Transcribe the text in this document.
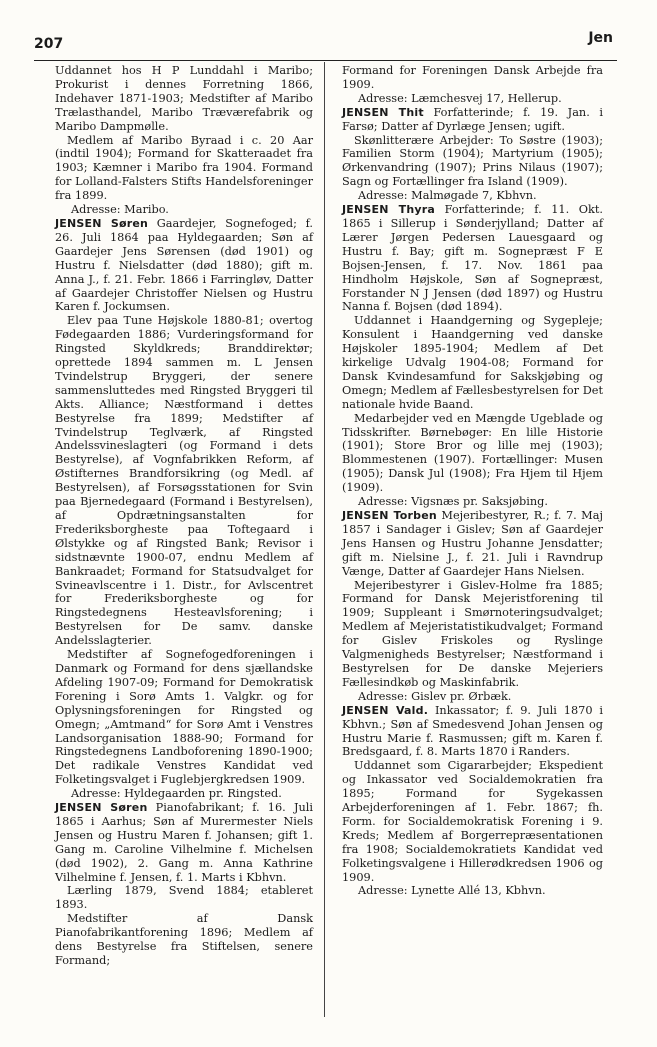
207	Jen

Uddannet hos H P Lunddahl i Maribo; Prokurist i dennes Forretning 1866, Indehaver 1871-1903; Medstifter af Maribo Trælasthandel, Maribo Træværefabrik og Maribo Dampmølle.

Medlem af Maribo Byraad i c. 20 Aar (indtil 1904); Formand for Skatteraadet fra 1903; Kæmner i Maribo fra 1904. Formand for Lolland-Falsters Stifts Handelsforeninger fra 1899.

Adresse: Maribo.

JENSEN Søren Gaardejer, Sognefoged; f. 26. Juli 1864 paa Hyldegaarden; Søn af Gaardejer Jens Sørensen (død 1901) og Hustru f. Nielsdatter (død 1880); gift m. Anna J., f. 21. Febr. 1866 i Farringløv, Datter af Gaardejer Christoffer Nielsen og Hustru Karen f. Jockumsen.

Elev paa Tune Højskole 1880-81; overtog Fødegaarden 1886; Vurderingsformand for Ringsted Skyldkreds; Branddirektør; oprettede 1894 sammen m. L Jensen Tvindelstrup Bryggeri, der senere sammensluttedes med Ringsted Bryggeri til Akts. Alliance; Næstformand i dettes Bestyrelse fra 1899; Medstifter af Tvindelstrup Teglværk, af Ringsted Andelssvineslagteri (og Formand i dets Bestyrelse), af Vognfabrikken Reform, af Østifternes Brandforsikring (og Medl. af Bestyrelsen), af Forsøgsstationen for Svin paa Bjernedegaard (Formand i Bestyrelsen), af Opdrætningsanstalten for Frederiksborgheste paa Toftegaard i Ølstykke og af Ringsted Bank; Revisor i sidstnævnte 1900-07, endnu Medlem af Bankraadet; Formand for Statsudvalget for Svineavlscentre i 1. Distr., for Avlscentret for Frederiksborgheste og for Ringstedegnens Hesteavlsforening; i Bestyrelsen for De samv. danske Andelsslagterier.

Medstifter af Sognefogedforeningen i Danmark og Formand for dens sjællandske Afdeling 1907-09; Formand for Demokratisk Forening i Sorø Amts 1. Valgkr. og for Oplysningsforeningen for Ringsted og Omegn; „Amtmand“ for Sorø Amt i Venstres Landsorganisation 1888-90; Formand for Ringstedegnens Landboforening 1890-1900; Det radikale Venstres Kandidat ved Folketingsvalget i Fuglebjergkredsen 1909.

Adresse: Hyldegaarden pr. Ringsted.

JENSEN Søren Pianofabrikant; f. 16. Juli 1865 i Aarhus; Søn af Murermester Niels Jensen og Hustru Maren f. Johansen; gift 1. Gang m. Caroline Vilhelmine f. Michelsen (død 1902), 2. Gang m. Anna Kathrine Vilhelmine f. Jensen, f. 1. Marts i Kbhvn.

Lærling 1879, Svend 1884; etableret 1893.

Medstifter af Dansk Pianofabrikantforening 1896; Medlem af dens Bestyrelse fra Stiftelsen, senere Formand;

Formand for Foreningen Dansk Arbejde fra 1909.

Adresse: Læmchesvej 17, Hellerup.

JENSEN Thit Forfatterinde; f. 19. Jan. i Farsø; Datter af Dyrlæge Jensen; ugift.

Skønlitterære Arbejder: To Søstre (1903); Familien Storm (1904); Martyrium (1905); Ørkenvandring (1907); Prins Nilaus (1907); Sagn og Fortællinger fra Island (1909).

Adresse: Malmøgade 7, Kbhvn.

JENSEN Thyra Forfatterinde; f. 11. Okt. 1865 i Sillerup i Sønderjylland; Datter af Lærer Jørgen Pedersen Lauesgaard og Hustru f. Bay; gift m. Sognepræst F E Bojsen-Jensen, f. 17. Nov. 1861 paa Hindholm Højskole, Søn af Sognepræst, Forstander N J Jensen (død 1897) og Hustru Nanna f. Bojsen (død 1894).

Uddannet i Haandgerning og Sygepleje; Konsulent i Haandgerning ved danske Højskoler 1895-1904; Medlem af Det kirkelige Udvalg 1904-08; Formand for Dansk Kvindesamfund for Sakskjøbing og Omegn; Medlem af Fællesbestyrelsen for Det nationale hvide Baand.

Medarbejder ved en Mængde Ugeblade og Tidsskrifter. Børnebøger: En lille Historie (1901); Store Bror og lille mej (1903); Blommestenen (1907). Fortællinger: Musen (1905); Dansk Jul (1908); Fra Hjem til Hjem (1909).

Adresse: Vigsnæs pr. Saksjøbing.

JENSEN Torben Mejeribestyrer, R.; f. 7. Maj 1857 i Sandager i Gislev; Søn af Gaardejer Jens Hansen og Hustru Johanne Jensdatter; gift m. Nielsine J., f. 21. Juli i Ravndrup Vænge, Datter af Gaardejer Hans Nielsen.

Mejeribestyrer i Gislev-Holme fra 1885; Formand for Dansk Mejeristforening til 1909; Suppleant i Smørnoteringsudvalget; Medlem af Mejeristatistikudvalget; Formand for Gislev Friskoles og Ryslinge Valgmenigheds Bestyrelser; Næstformand i Bestyrelsen for De danske Mejeriers Fællesindkøb og Maskinfabrik.

Adresse: Gislev pr. Ørbæk.

JENSEN Vald. Inkassator; f. 9. Juli 1870 i Kbhvn.; Søn af Smedesvend Johan Jensen og Hustru Marie f. Rasmussen; gift m. Karen f. Bredsgaard, f. 8. Marts 1870 i Randers.

Uddannet som Cigararbejder; Ekspedient og Inkassator ved Socialdemokratien fra 1895; Formand for Sygekassen Arbejderforeningen af 1. Febr. 1867; fh. Form. for Socialdemokratisk Forening i 9. Kreds; Medlem af Borgerrepræsentationen fra 1908; Socialdemokratiets Kandidat ved Folketingsvalgene i Hillerødkredsen 1906 og 1909.

Adresse: Lynette Allé 13, Kbhvn.
